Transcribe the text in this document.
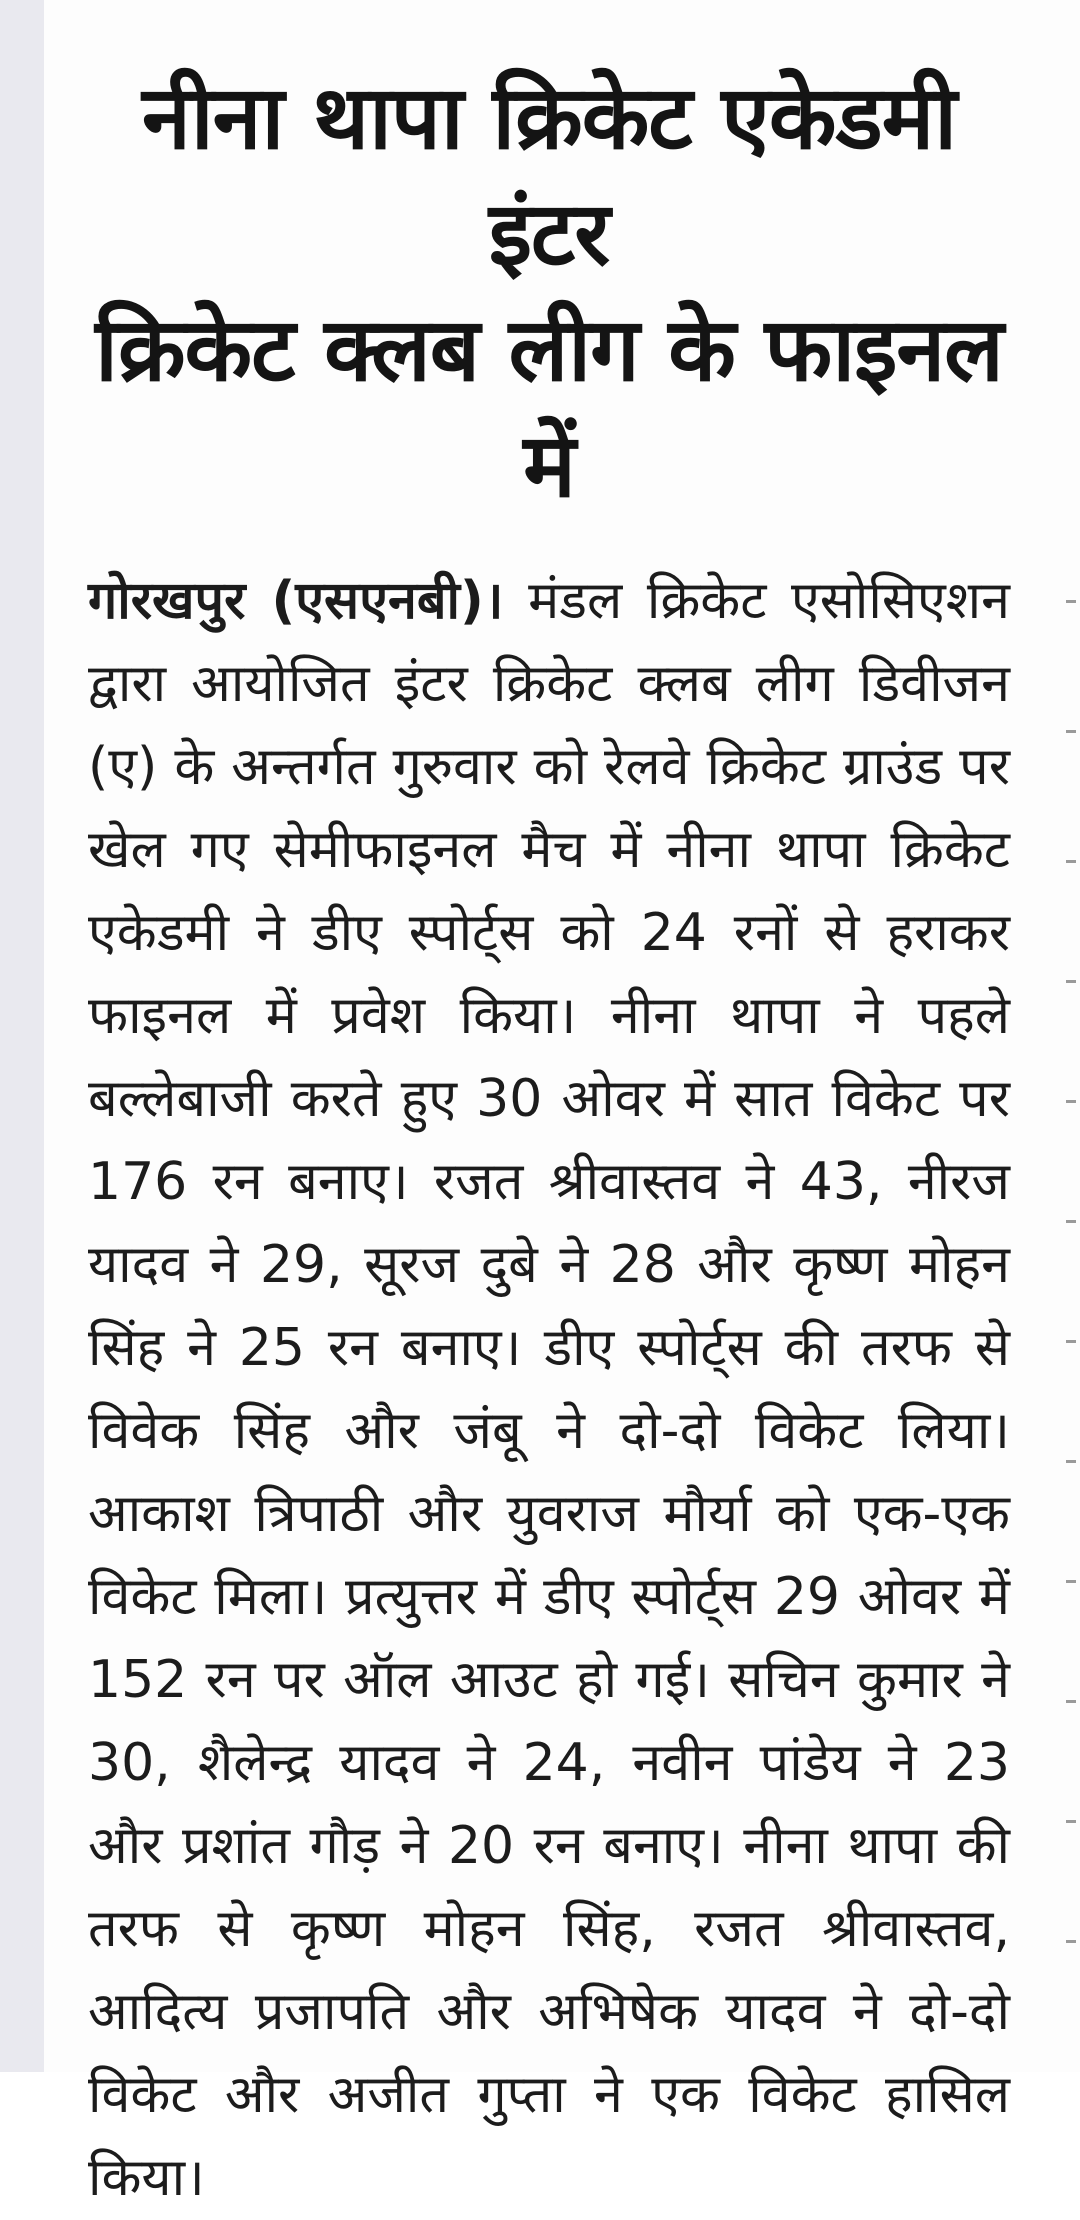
नीना थापा क्रिकेट एकेडमी इंटर
क्रिकेट क्लब लीग के फाइनल में

गोरखपुर (एसएनबी)। मंडल क्रिकेट एसोसिएशन द्वारा आयोजित इंटर क्रिकेट क्लब लीग डिवीजन (ए) के अन्तर्गत गुरुवार को रेलवे क्रिकेट ग्राउंड पर खेल गए सेमीफाइनल मैच में नीना थापा क्रिकेट एकेडमी ने डीए स्पोर्ट्स को 24 रनों से हराकर फाइनल में प्रवेश किया। नीना थापा ने पहले बल्लेबाजी करते हुए 30 ओवर में सात विकेट पर 176 रन बनाए। रजत श्रीवास्तव ने 43, नीरज यादव ने 29, सूरज दुबे ने 28 और कृष्ण मोहन सिंह ने 25 रन बनाए। डीए स्पोर्ट्स की तरफ से विवेक सिंह और जंबू ने दो-दो विकेट लिया। आकाश त्रिपाठी और युवराज मौर्या को एक-एक विकेट मिला। प्रत्युत्तर में डीए स्पोर्ट्स 29 ओवर में 152 रन पर ऑल आउट हो गई। सचिन कुमार ने 30, शैलेन्द्र यादव ने 24, नवीन पांडेय ने 23 और प्रशांत गौड़ ने 20 रन बनाए। नीना थापा की तरफ से कृष्ण मोहन सिंह, रजत श्रीवास्तव, आदित्य प्रजापति और अभिषेक यादव ने दो-दो विकेट और अजीत गुप्ता ने एक विकेट हासिल किया।
